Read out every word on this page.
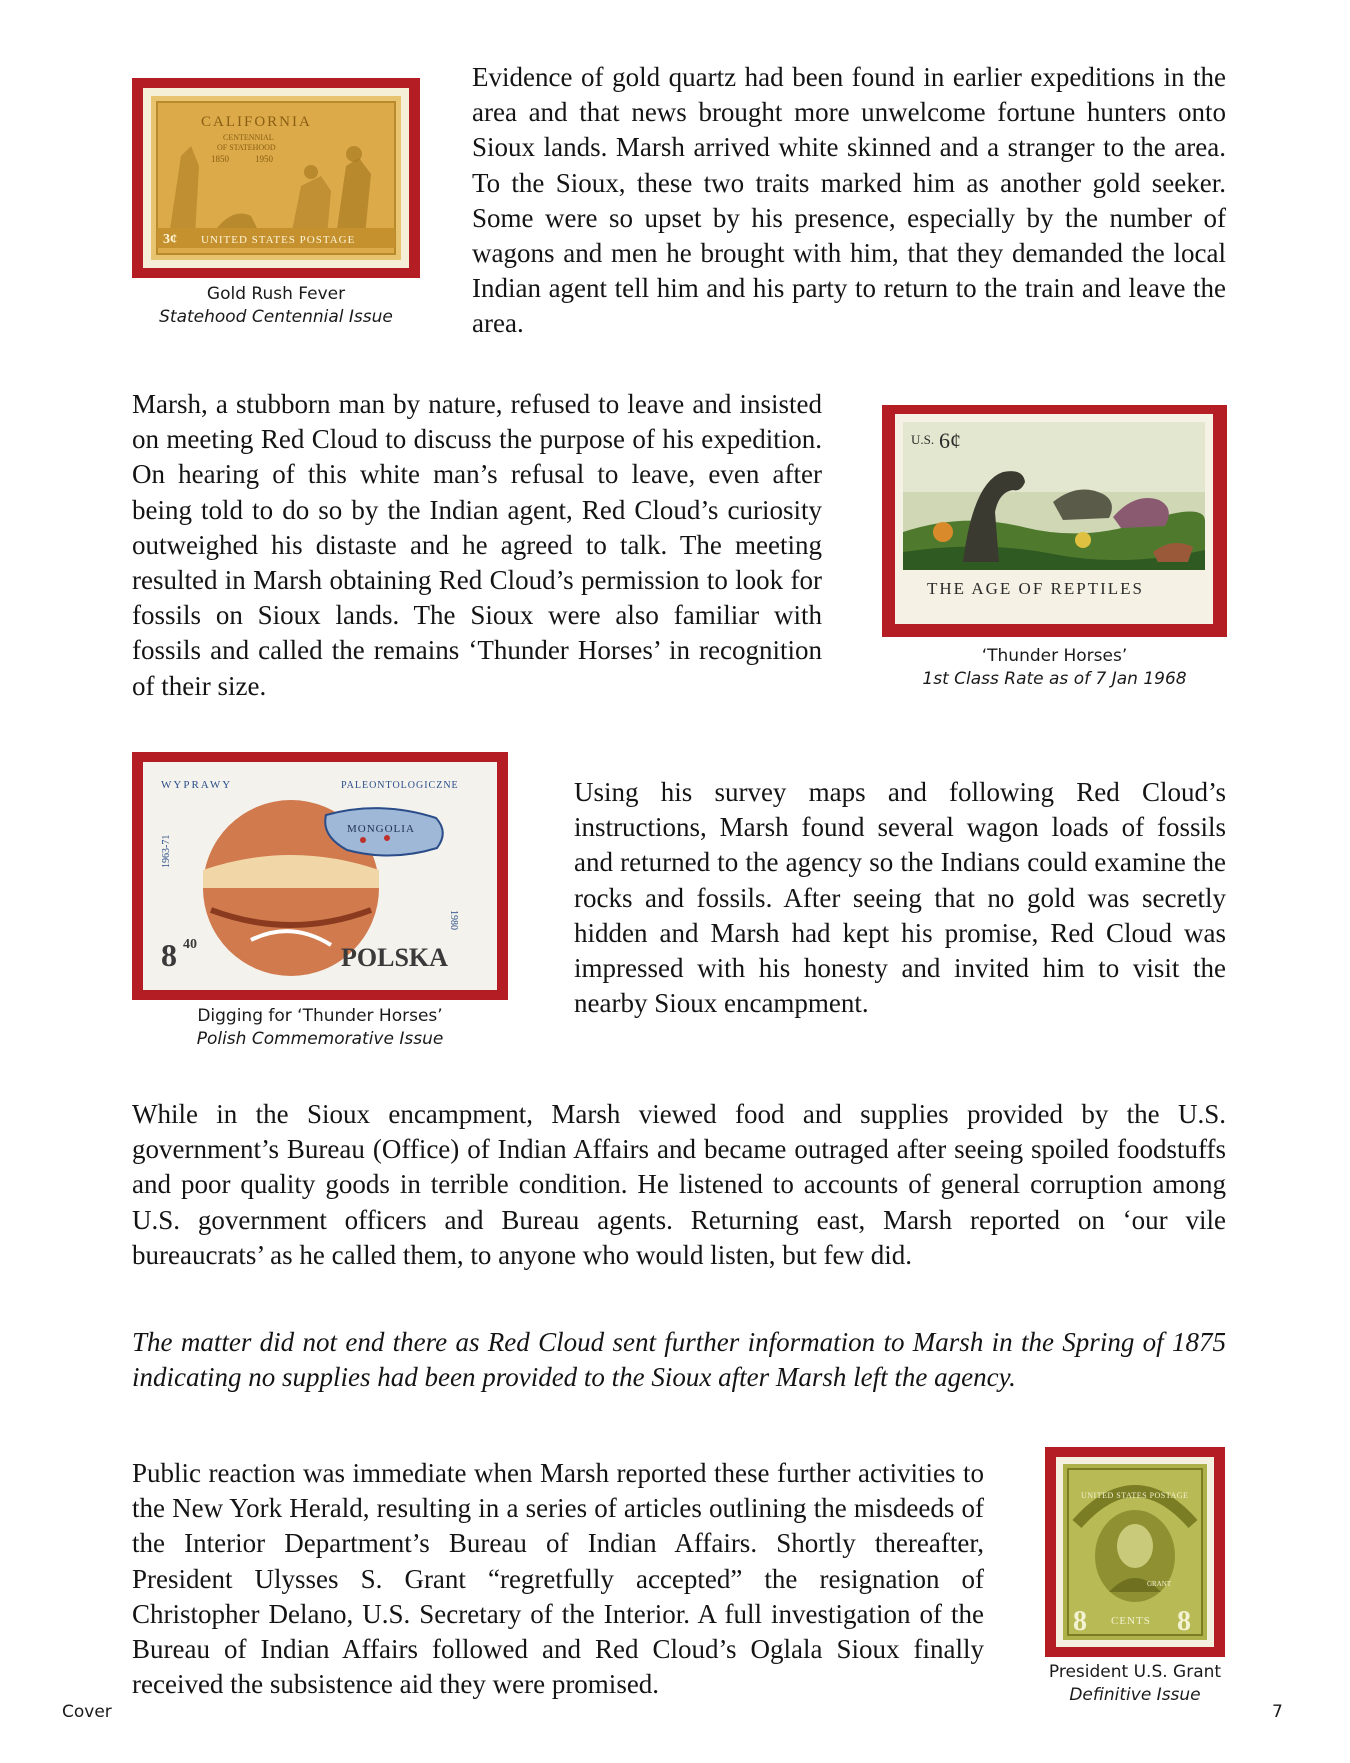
CALIFORNIA
CENTENNIAL
OF STATEHOOD
1850	1950
3¢ UNITED STATES POSTAGE
Gold Rush Fever
Statehood Centennial Issue

Evidence of gold quartz had been found in earlier expeditions in the area and that news brought more unwelcome fortune hunters onto Sioux lands. Marsh arrived white skinned and a stranger to the area. To the Sioux, these two traits marked him as another gold seeker. Some were so upset by his presence, especially by the number of wagons and men he brought with him, that they demanded the local Indian agent tell him and his party to return to the train and leave the area.

Marsh, a stubborn man by nature, refused to leave and insisted on meeting Red Cloud to discuss the purpose of his expedition. On hearing of this white man’s refusal to leave, even after being told to do so by the Indian agent, Red Cloud’s curiosity outweighed his distaste and he agreed to talk. The meeting resulted in Marsh obtaining Red Cloud’s permission to look for fossils on Sioux lands. The Sioux were also familiar with fossils and called the remains ‘Thunder Horses’ in recognition of their size.

U.S. 6¢
THE AGE OF REPTILES
‘Thunder Horses’
1st Class Rate as of 7 Jan 1968
WYPRAWY	PALEONTOLOGICZNE
1963-71
MONGOLIA
1980
8 40	POLSKA
Digging for ‘Thunder Horses’
Polish Commemorative Issue

Using his survey maps and following Red Cloud’s instructions, Marsh found several wagon loads of fossils and returned to the agency so the Indians could examine the rocks and fossils. After seeing that no gold was secretly hidden and Marsh had kept his promise, Red Cloud was impressed with his honesty and invited him to visit the nearby Sioux encampment.

While in the Sioux encampment, Marsh viewed food and supplies provided by the U.S. government’s Bureau (Office) of Indian Affairs and became outraged after seeing spoiled foodstuffs and poor quality goods in terrible condition. He listened to accounts of general corruption among U.S. government officers and Bureau agents. Returning east, Marsh reported on ‘our vile bureaucrats’ as he called them, to anyone who would listen, but few did.

The matter did not end there as Red Cloud sent further information to Marsh in the Spring of 1875 indicating no supplies had been provided to the Sioux after Marsh left the agency.

Public reaction was immediate when Marsh reported these further activities to the New York Herald, resulting in a series of articles outlining the misdeeds of the Interior Department’s Bureau of Indian Affairs. Shortly thereafter, President Ulysses S. Grant “regretfully accepted” the resignation of Christopher Delano, U.S. Secretary of the Interior. A full investigation of the Bureau of Indian Affairs followed and Red Cloud’s Oglala Sioux finally received the subsistence aid they were promised.

UNITED STATES POSTAGE
GRANT
8 CENTS 8
President U.S. Grant
Definitive Issue
Cover	7
